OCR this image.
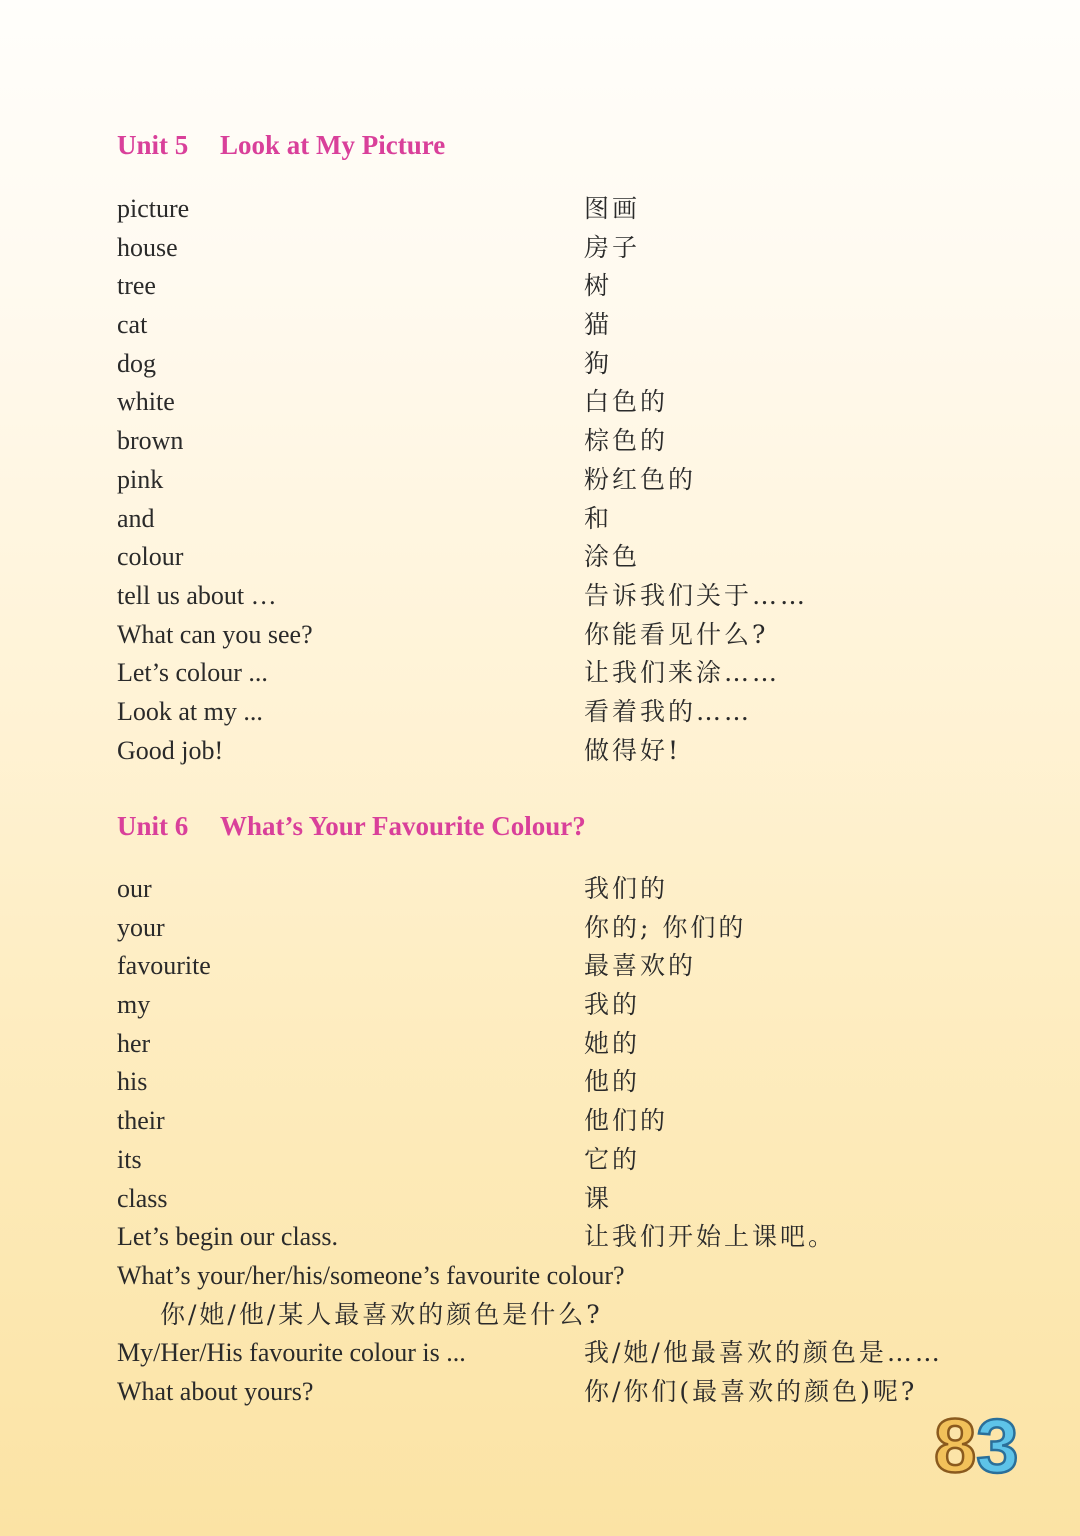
Unit 5 Look at My Picture
picture	图画
house	房子
tree	树
cat	猫
dog	狗
white	白色的
brown	棕色的
pink	粉红色的
and	和
colour	涂色
tell us about …	告诉我们关于……
What can you see?	你能看见什么?
Let’s colour ...	让我们来涂……
Look at my ...	看着我的……
Good job!	做得好!
Unit 6 What’s Your Favourite Colour?
our	我们的
your	你的; 你们的
favourite	最喜欢的
my	我的
her	她的
his	他的
their	他们的
its	它的
class	课
Let’s begin our class.	让我们开始上课吧。
What’s your/her/his/someone’s favourite colour?
你/她/他/某人最喜欢的颜色是什么?
My/Her/His favourite colour is ...	我/她/他最喜欢的颜色是……
What about yours?	你/你们(最喜欢的颜色)呢?
83
